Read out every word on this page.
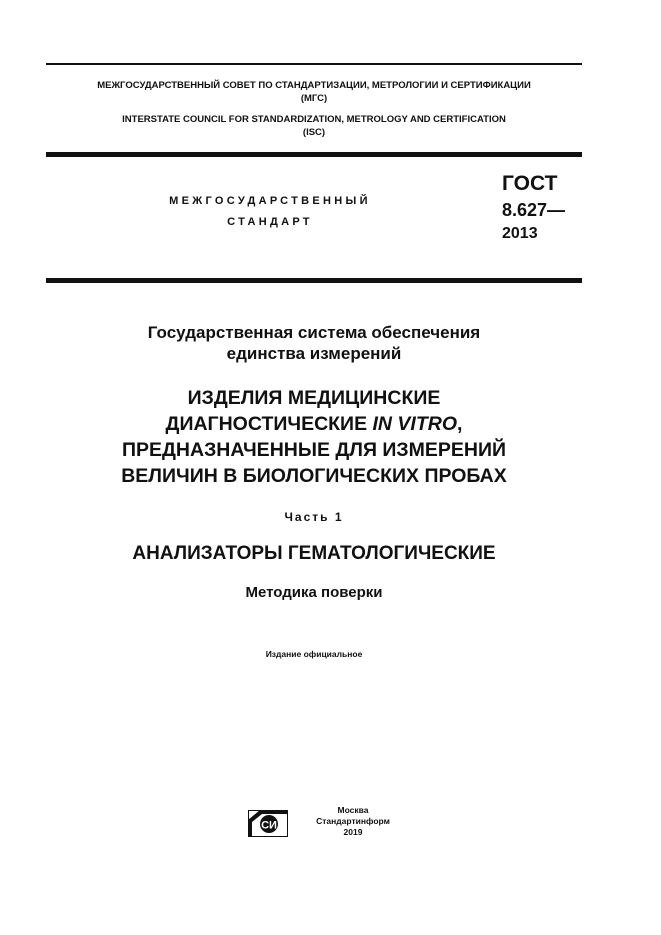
МЕЖГОСУДАРСТВЕННЫЙ СОВЕТ ПО СТАНДАРТИЗАЦИИ, МЕТРОЛОГИИ И СЕРТИФИКАЦИИ
(МГС)
INTERSTATE COUNCIL FOR STANDARDIZATION, METROLOGY AND CERTIFICATION
(ISC)
МЕЖГОСУДАРСТВЕННЫЙ
СТАНДАРТ
ГОСТ
8.627—
2013
Государственная система обеспечения
единства измерений
ИЗДЕЛИЯ МЕДИЦИНСКИЕ
ДИАГНОСТИЧЕСКИЕ IN VITRO,
ПРЕДНАЗНАЧЕННЫЕ ДЛЯ ИЗМЕРЕНИЙ
ВЕЛИЧИН В БИОЛОГИЧЕСКИХ ПРОБАХ
Часть 1
АНАЛИЗАТОРЫ ГЕМАТОЛОГИЧЕСКИЕ
Методика поверки
Издание официальное
СИ
Москва
Стандартинформ
2019
